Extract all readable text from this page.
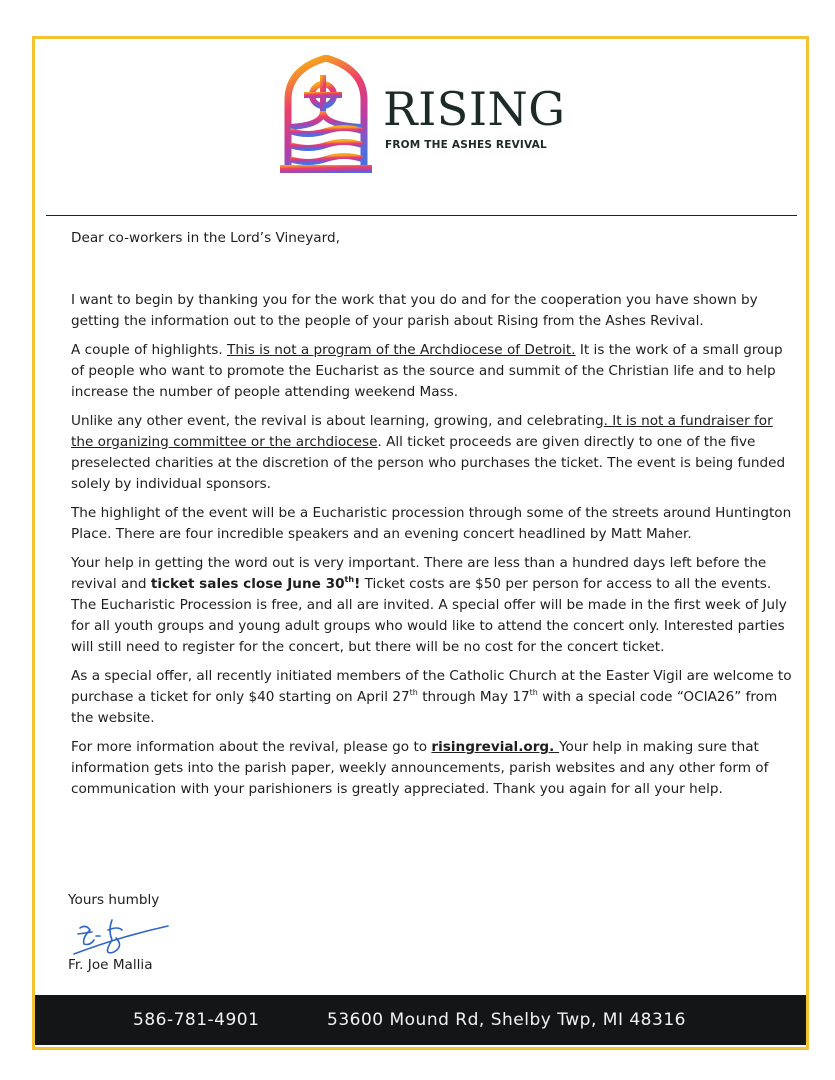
RISING
FROM THE ASHES REVIVAL

Dear co-workers in the Lord’s Vineyard,

I want to begin by thanking you for the work that you do and for the cooperation you have shown by getting the information out to the people of your parish about Rising from the Ashes Revival.

A couple of highlights. This is not a program of the Archdiocese of Detroit. It is the work of a small group of people who want to promote the Eucharist as the source and summit of the Christian life and to help increase the number of people attending weekend Mass.

Unlike any other event, the revival is about learning, growing, and celebrating. It is not a fundraiser for the organizing committee or the archdiocese. All ticket proceeds are given directly to one of the five preselected charities at the discretion of the person who purchases the ticket. The event is being funded solely by individual sponsors.

The highlight of the event will be a Eucharistic procession through some of the streets around Huntington Place. There are four incredible speakers and an evening concert headlined by Matt Maher.

Your help in getting the word out is very important. There are less than a hundred days left before the revival and ticket sales close June 30th! Ticket costs are $50 per person for access to all the events. The Eucharistic Procession is free, and all are invited. A special offer will be made in the first week of July for all youth groups and young adult groups who would like to attend the concert only. Interested parties will still need to register for the concert, but there will be no cost for the concert ticket.

As a special offer, all recently initiated members of the Catholic Church at the Easter Vigil are welcome to purchase a ticket for only $40 starting on April 27th through May 17th with a special code “OCIA26” from the website.

For more information about the revival, please go to risingrevial.org. Your help in making sure that information gets into the parish paper, weekly announcements, parish websites and any other form of communication with your parishioners is greatly appreciated. Thank you again for all your help.

Yours humbly
Fr. Joe Mallia
586-781-4901	53600 Mound Rd, Shelby Twp, MI 48316
